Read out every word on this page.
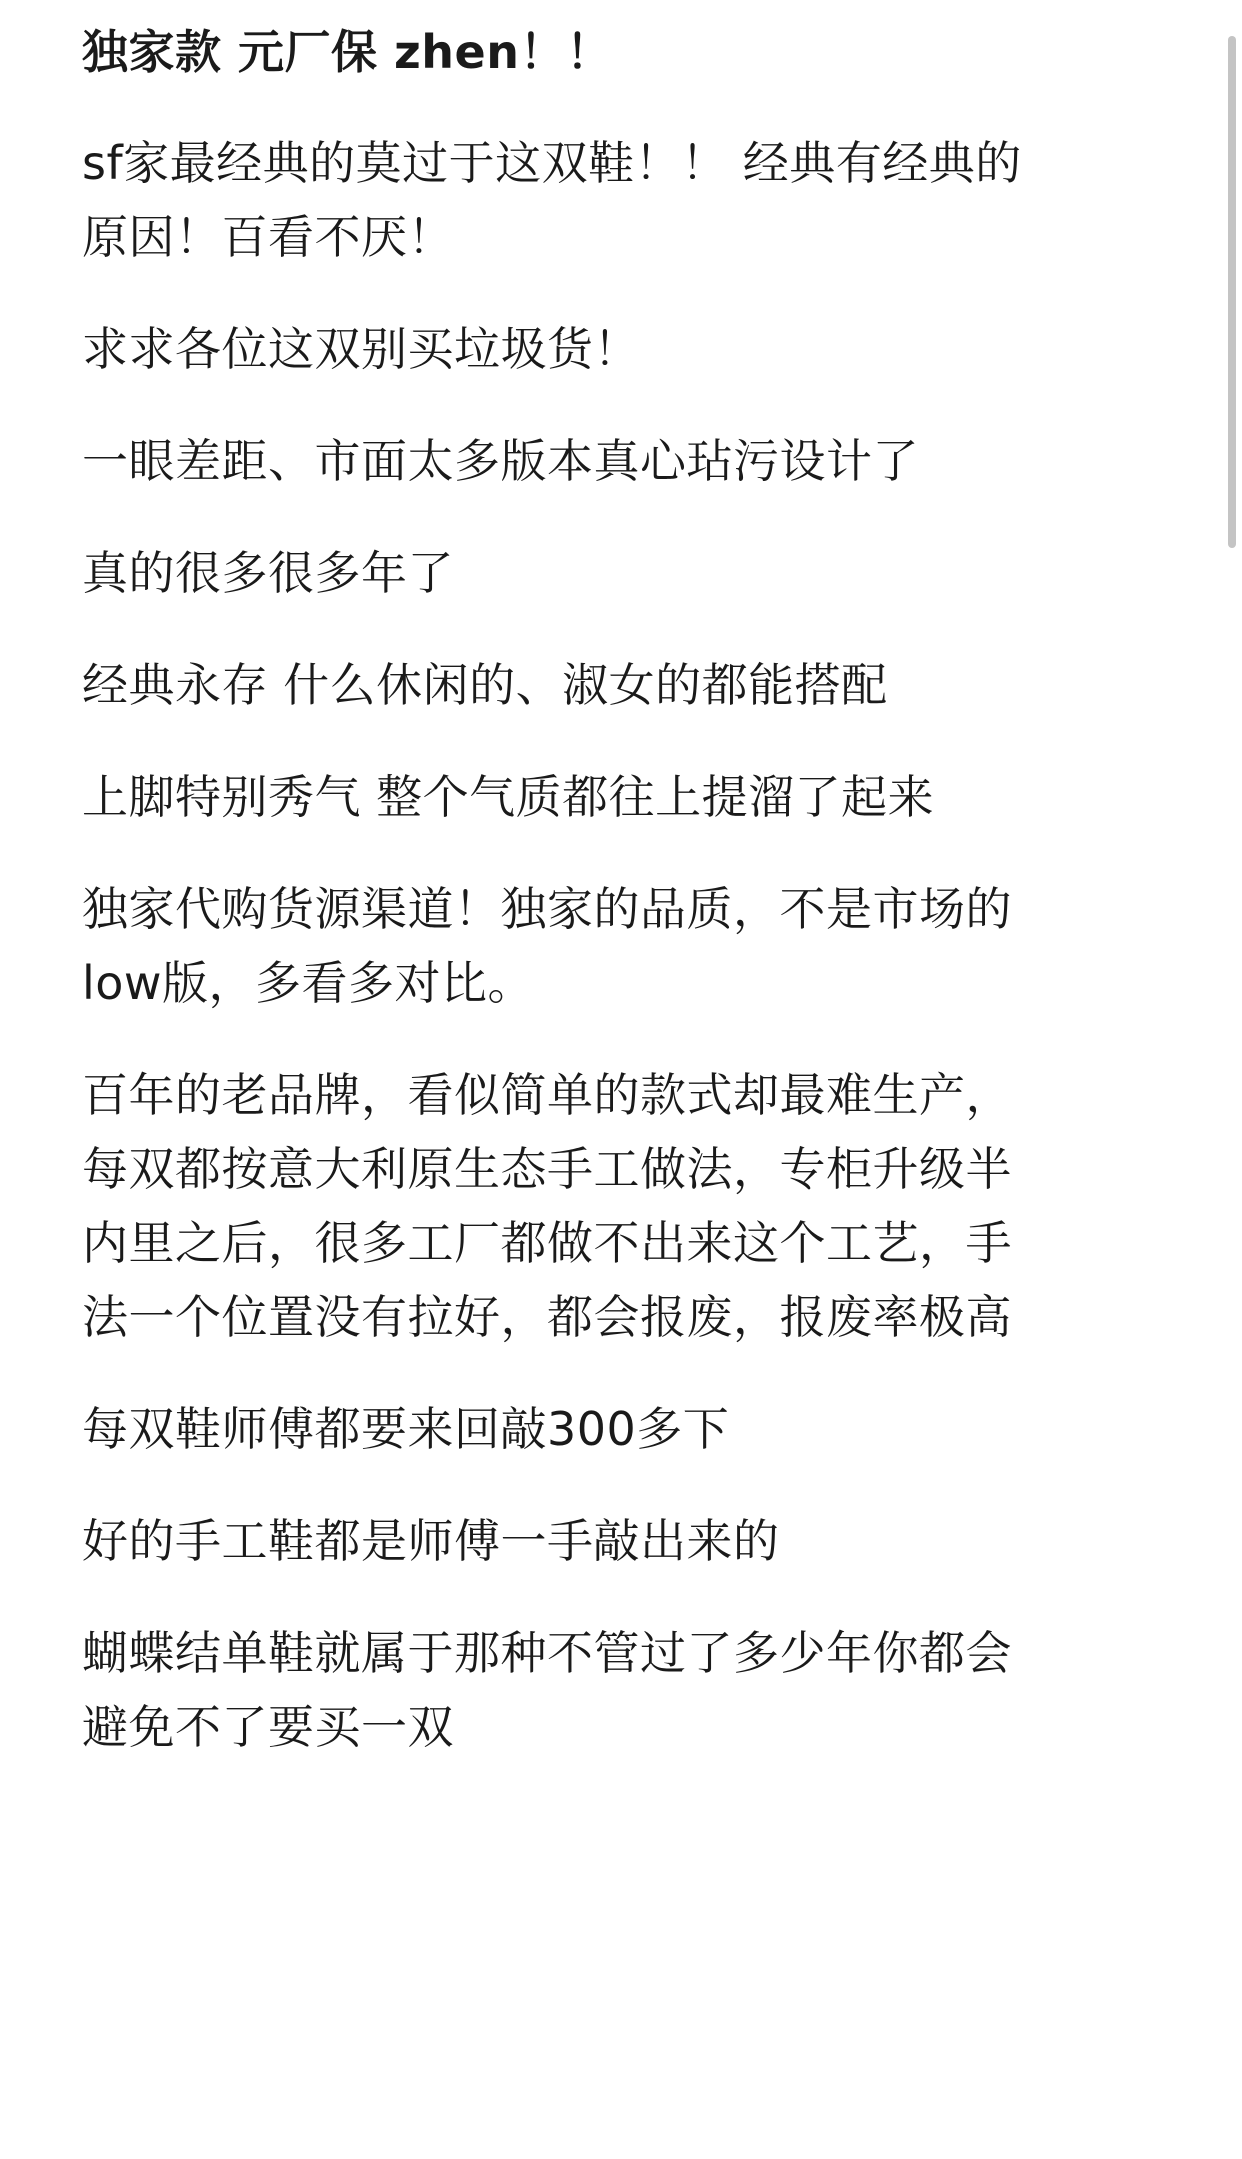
独家款 元厂保 zhen！！

sf家最经典的莫过于这双鞋！！ 经典有经典的

原因！百看不厌！

求求各位这双别买垃圾货！

一眼差距、市面太多版本真心玷污设计了

真的很多很多年了

经典永存 什么休闲的、淑女的都能搭配

上脚特别秀气 整个气质都往上提溜了起来

独家代购货源渠道！独家的品质，不是市场的

low版，多看多对比。

百年的老品牌，看似简单的款式却最难生产，

每双都按意大利原生态手工做法，专柜升级半

内里之后，很多工厂都做不出来这个工艺，手

法一个位置没有拉好，都会报废，报废率极高

每双鞋师傅都要来回敲300多下

好的手工鞋都是师傅一手敲出来的

蝴蝶结单鞋就属于那种不管过了多少年你都会

避免不了要买一双
